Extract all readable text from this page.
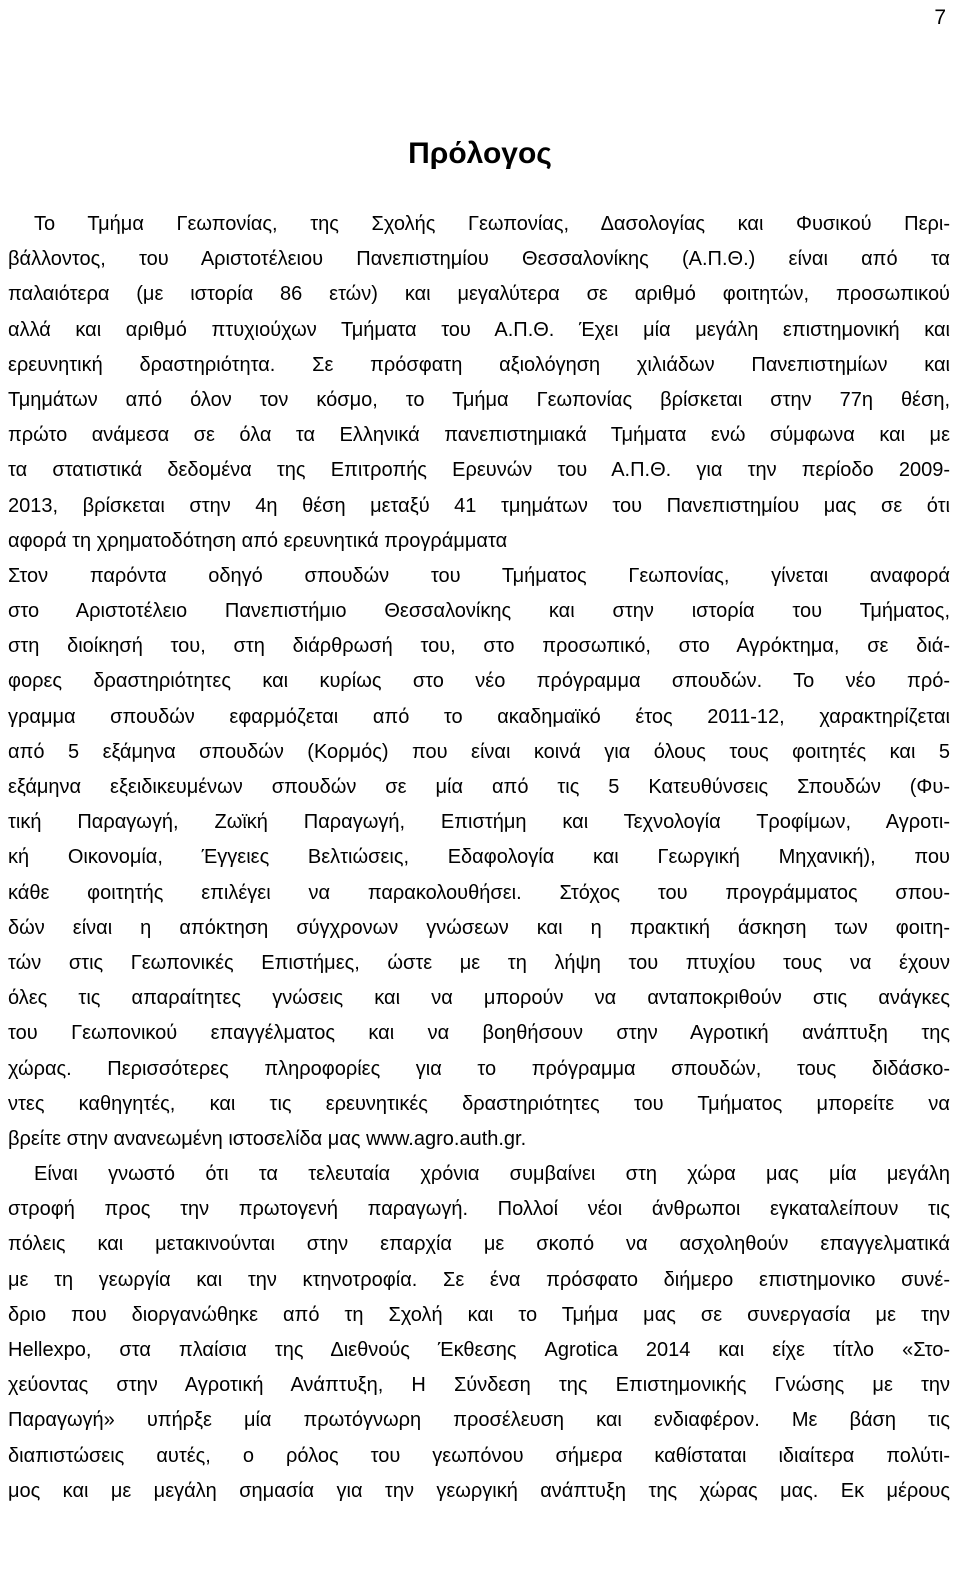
7
Πρόλογος
Το Τμήμα Γεωπονίας, της Σχολής Γεωπονίας, Δασολογίας και Φυσικού Περι-
βάλλοντος, του Αριστοτέλειου Πανεπιστημίου Θεσσαλονίκης (Α.Π.Θ.) είναι από τα
παλαιότερα (με ιστορία 86 ετών) και μεγαλύτερα σε αριθμό φοιτητών, προσωπικού
αλλά και αριθμό πτυχιούχων Τμήματα του Α.Π.Θ. Έχει μία μεγάλη επιστημονική και
ερευνητική δραστηριότητα. Σε πρόσφατη αξιολόγηση χιλιάδων Πανεπιστημίων και
Τμημάτων από όλον τον κόσμο, το Τμήμα Γεωπονίας βρίσκεται στην 77η θέση,
πρώτο ανάμεσα σε όλα τα Ελληνικά πανεπιστημιακά Τμήματα ενώ σύμφωνα και με
τα στατιστικά δεδομένα της Επιτροπής Ερευνών του Α.Π.Θ. για την περίοδο 2009-
2013, βρίσκεται στην 4η θέση μεταξύ 41 τμημάτων του Πανεπιστημίου μας σε ότι
αφορά τη χρηματοδότηση από ερευνητικά προγράμματα
Στον παρόντα οδηγό σπουδών του Τμήματος Γεωπονίας, γίνεται αναφορά
στο Αριστοτέλειο Πανεπιστήμιο Θεσσαλονίκης και στην ιστορία του Τμήματος,
στη διοίκησή του, στη διάρθρωσή του, στο προσωπικό, στο Αγρόκτημα, σε διά-
φορες δραστηριότητες και κυρίως στο νέο πρόγραμμα σπουδών. Το νέο πρό-
γραμμα σπουδών εφαρμόζεται από το ακαδημαϊκό έτος 2011-12, χαρακτηρίζεται
από 5 εξάμηνα σπουδών (Κορμός) που είναι κοινά για όλους τους φοιτητές και 5
εξάμηνα εξειδικευμένων σπουδών σε μία από τις 5 Κατευθύνσεις Σπουδών (Φυ-
τική Παραγωγή, Ζωϊκή Παραγωγή, Επιστήμη και Τεχνολογία Τροφίμων, Αγροτι-
κή Οικονομία, Έγγειες Βελτιώσεις, Εδαφολογία και Γεωργική Μηχανική), που
κάθε φοιτητής επιλέγει να παρακολουθήσει. Στόχος του προγράμματος σπου-
δών είναι η απόκτηση σύγχρονων γνώσεων και η πρακτική άσκηση των φοιτη-
τών στις Γεωπονικές Επιστήμες, ώστε με τη λήψη του πτυχίου τους να έχουν
όλες τις απαραίτητες γνώσεις και να μπορούν να ανταποκριθούν στις ανάγκες
του Γεωπονικού επαγγέλματος και να βοηθήσουν στην Αγροτική ανάπτυξη της
χώρας. Περισσότερες πληροφορίες για το πρόγραμμα σπουδών, τους διδάσκο-
ντες καθηγητές, και τις ερευνητικές δραστηριότητες του Τμήματος μπορείτε να
βρείτε στην ανανεωμένη ιστοσελίδα μας www.agro.auth.gr.
Είναι γνωστό ότι τα τελευταία χρόνια συμβαίνει στη χώρα μας μία μεγάλη
στροφή προς την πρωτογενή παραγωγή. Πολλοί νέοι άνθρωποι εγκαταλείπουν τις
πόλεις και μετακινούνται στην επαρχία με σκοπό να ασχοληθούν επαγγελματικά
με τη γεωργία και την κτηνοτροφία. Σε ένα πρόσφατο διήμερο επιστημονικο συνέ-
δριο που διοργανώθηκε από τη Σχολή και το Τμήμα μας σε συνεργασία με την
Hellexpo, στα πλαίσια της Διεθνούς Έκθεσης Agrotica 2014 και είχε τίτλο «Στο-
χεύοντας στην Αγροτική Ανάπτυξη, Η Σύνδεση της Επιστημονικής Γνώσης με την
Παραγωγή» υπήρξε μία πρωτόγνωρη προσέλευση και ενδιαφέρον. Με βάση τις
διαπιστώσεις αυτές, ο ρόλος του γεωπόνου σήμερα καθίσταται ιδιαίτερα πολύτι-
μος και με μεγάλη σημασία για την γεωργική ανάπτυξη της χώρας μας. Εκ μέρους
